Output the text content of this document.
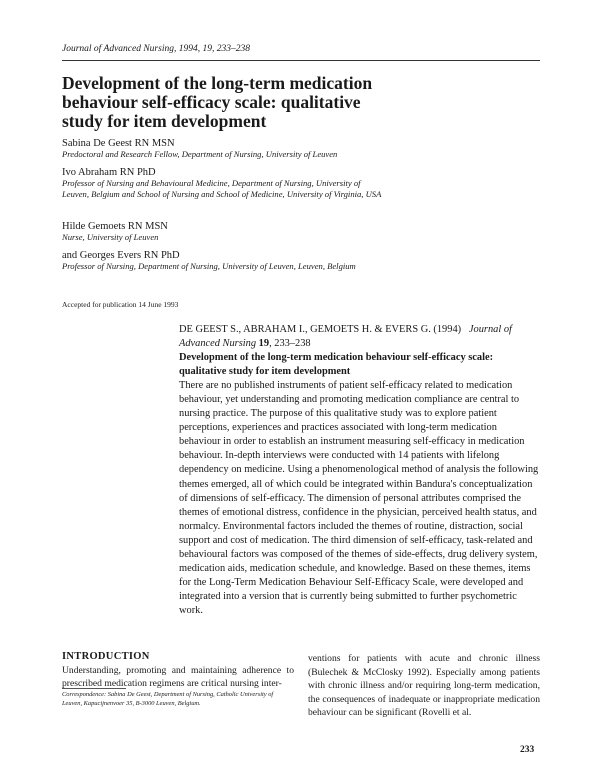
Journal of Advanced Nursing, 1994, 19, 233–238
Development of the long-term medication behaviour self-efficacy scale: qualitative study for item development
Sabina De Geest RN MSN
Predoctoral and Research Fellow, Department of Nursing, University of Leuven
Ivo Abraham RN PhD
Professor of Nursing and Behavioural Medicine, Department of Nursing, University of Leuven, Belgium and School of Nursing and School of Medicine, University of Virginia, USA
Hilde Gemoets RN MSN
Nurse, University of Leuven
and Georges Evers RN PhD
Professor of Nursing, Department of Nursing, University of Leuven, Leuven, Belgium
Accepted for publication 14 June 1993
DE GEEST S., ABRAHAM I., GEMOETS H. & EVERS G. (1994) Journal of Advanced Nursing 19, 233–238
Development of the long-term medication behaviour self-efficacy scale: qualitative study for item development
There are no published instruments of patient self-efficacy related to medication behaviour, yet understanding and promoting medication compliance are central to nursing practice. The purpose of this qualitative study was to explore patient perceptions, experiences and practices associated with long-term medication behaviour in order to establish an instrument measuring self-efficacy in medication behaviour. In-depth interviews were conducted with 14 patients with lifelong dependency on medicine. Using a phenomenological method of analysis the following themes emerged, all of which could be integrated within Bandura's conceptualization of dimensions of self-efficacy. The dimension of personal attributes comprised the themes of emotional distress, confidence in the physician, perceived health status, and normalcy. Environmental factors included the themes of routine, distraction, social support and cost of medication. The third dimension of self-efficacy, task-related and behavioural factors was composed of the themes of side-effects, drug delivery system, medication aids, medication schedule, and knowledge. Based on these themes, items for the Long-Term Medication Behaviour Self-Efficacy Scale, were developed and integrated into a version that is currently being submitted to further psychometric work.
INTRODUCTION
Understanding, promoting and maintaining adherence to prescribed medication regimens are critical nursing inter-
Correspondence: Sabina De Geest, Department of Nursing, Catholic University of Leuven, Kapucijnenvoer 35, B-3000 Leuven, Belgium.
ventions for patients with acute and chronic illness (Bulechek & McClosky 1992). Especially among patients with chronic illness and/or requiring long-term medication, the consequences of inadequate or inappropriate medication behaviour can be significant (Rovelli et al.
233
